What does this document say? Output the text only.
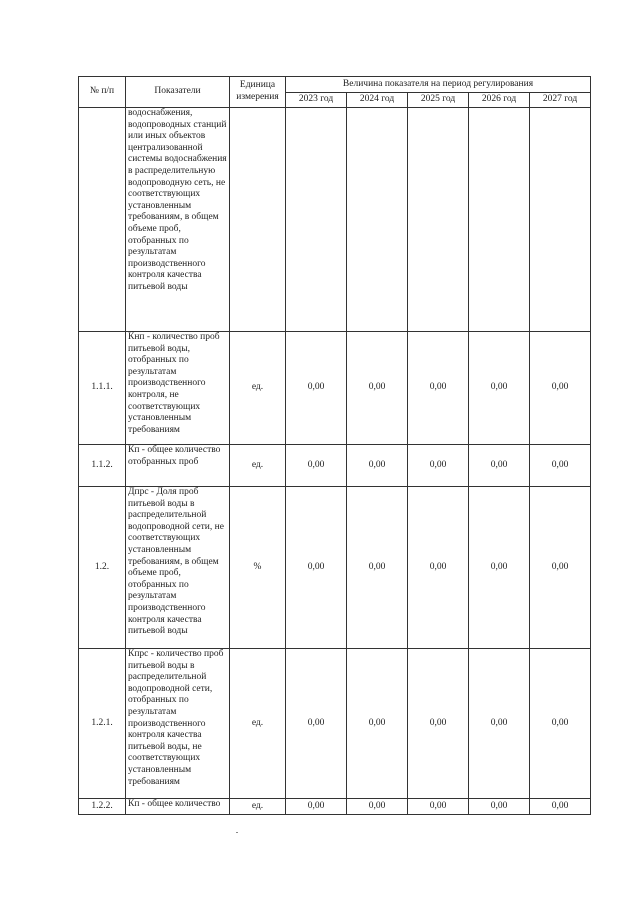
№ п/п	Показатели	Единица измерения	Величина показателя на период регулирования				
			2023 год	2024 год	2025 год	2026 год	2027 год
	водоснабжения, водопроводных станций или иных объектов централизованной системы водоснабжения в распределительную водопроводную сеть, не соответствующих установленным требованиям, в общем объеме проб, отобранных по результатам производственного контроля качества питьевой воды						
1.1.1.	Кнп - количество проб питьевой воды, отобранных по результатам производственного контроля, не соответствующих установленным требованиям	ед.	0,00	0,00	0,00	0,00	0,00
1.1.2.	Кп - общее количество отобранных проб	ед.	0,00	0,00	0,00	0,00	0,00
1.2.	Дпрс - Доля проб питьевой воды в распределительной водопроводной сети, не соответствующих установленным требованиям, в общем объеме проб, отобранных по результатам производственного контроля качества питьевой воды	%	0,00	0,00	0,00	0,00	0,00
1.2.1.	Кпрс - количество проб питьевой воды в распределительной водопроводной сети, отобранных по результатам производственного контроля качества питьевой воды, не соответствующих установленным требованиям	ед.	0,00	0,00	0,00	0,00	0,00
1.2.2.	Кп - общее количество	ед.	0,00	0,00	0,00	0,00	0,00
